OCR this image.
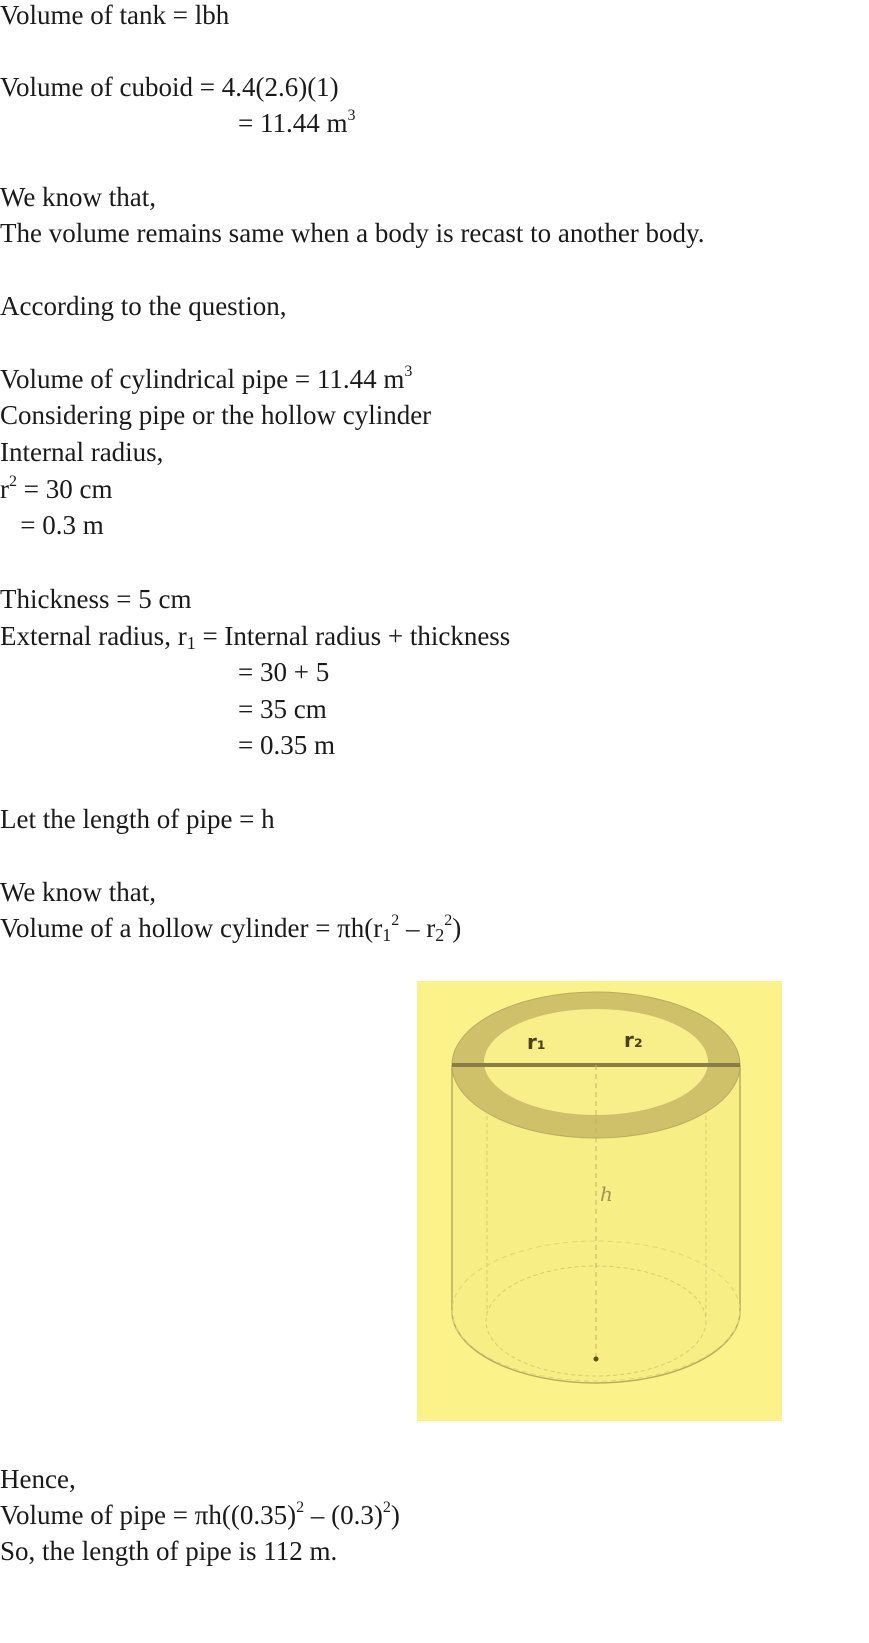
Volume of tank = lbh
Volume of cuboid = 4.4(2.6)(1)
= 11.44 $m^3$
We know that,
The volume remains same when a body is recast to another body.
According to the question,
Volume of cylindrical pipe = 11.44 $m^3$
Considering pipe or the hollow cylinder
Internal radius,
$r^2 = 30$ cm
= 0.3 m
Thickness = 5 cm
External radius, $r_1$ = Internal radius + thickness
= 30 + 5
= 35 cm
= 0.35 m
Let the length of pipe = h
We know that,
Volume of a hollow cylinder = $\pi h(r_1^2 - r_2^2)$
Hence,
Volume of pipe = $\pi h((0.35)^2 - (0.3)^2)$
So, the length of pipe is 112 m.
r₁	r₂
h
